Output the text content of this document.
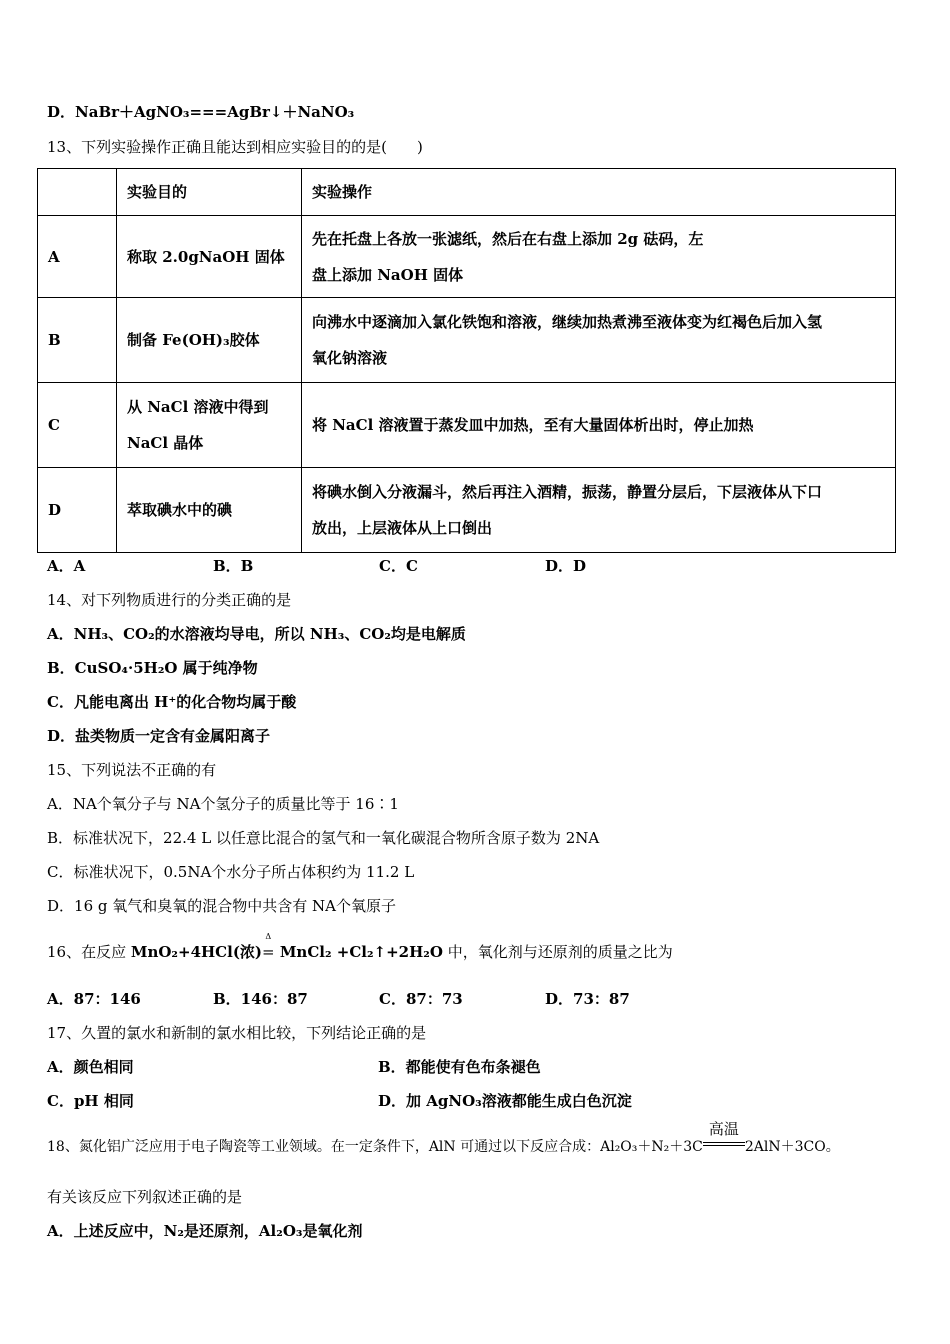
D．NaBr＋AgNO₃===AgBr↓＋NaNO₃
13、下列实验操作正确且能达到相应实验目的的是(　　)
	实验目的	实验操作
A	称取 2.0gNaOH 固体	先在托盘上各放一张滤纸，然后在右盘上添加 2g 砝码，左
盘上添加 NaOH 固体

B	制备 Fe(OH)₃胶体	向沸水中逐滴加入氯化铁饱和溶液，继续加热煮沸至液体变为红褐色后加入氢
氧化钠溶液

C	从 NaCl 溶液中得到
NaCl 晶体	将 NaCl 溶液置于蒸发皿中加热，至有大量固体析出时，停止加热
D	萃取碘水中的碘	将碘水倒入分液漏斗，然后再注入酒精，振荡，静置分层后，下层液体从下口
放出，上层液体从上口倒出
A．A	B．B	C．C	D．D
14、对下列物质进行的分类正确的是
A．NH₃、CO₂的水溶液均导电，所以 NH₃、CO₂均是电解质
B．CuSO₄·5H₂O 属于纯净物
C．凡能电离出 H⁺的化合物均属于酸
D．盐类物质一定含有金属阳离子
15、下列说法不正确的有
A．NA个氧分子与 NA个氢分子的质量比等于 16∶1
B．标准状况下，22.4 L 以任意比混合的氢气和一氧化碳混合物所含原子数为 2NA
C．标准状况下，0.5NA个水分子所占体积约为 11.2 L
D．16 g 氧气和臭氧的混合物中共含有 NA个氧原子
16、在反应 MnO₂+4HCl(浓)
Δ
= MnCl₂ +Cl₂↑+2H₂O 中，氧化剂与还原剂的质量之比为
A．87：146	B．146：87	C．87：73	D．73：87
17、久置的氯水和新制的氯水相比较，下列结论正确的是
A．颜色相同	B．都能使有色布条褪色
C．pH 相同	D．加 AgNO₃溶液都能生成白色沉淀
18、氮化铝广泛应用于电子陶瓷等工业领域。在一定条件下，AlN 可通过以下反应合成：Al₂O₃＋N₂＋3C
高温
2AlN＋3CO。
有关该反应下列叙述正确的是
A．上述反应中，N₂是还原剂，Al₂O₃是氧化剂
